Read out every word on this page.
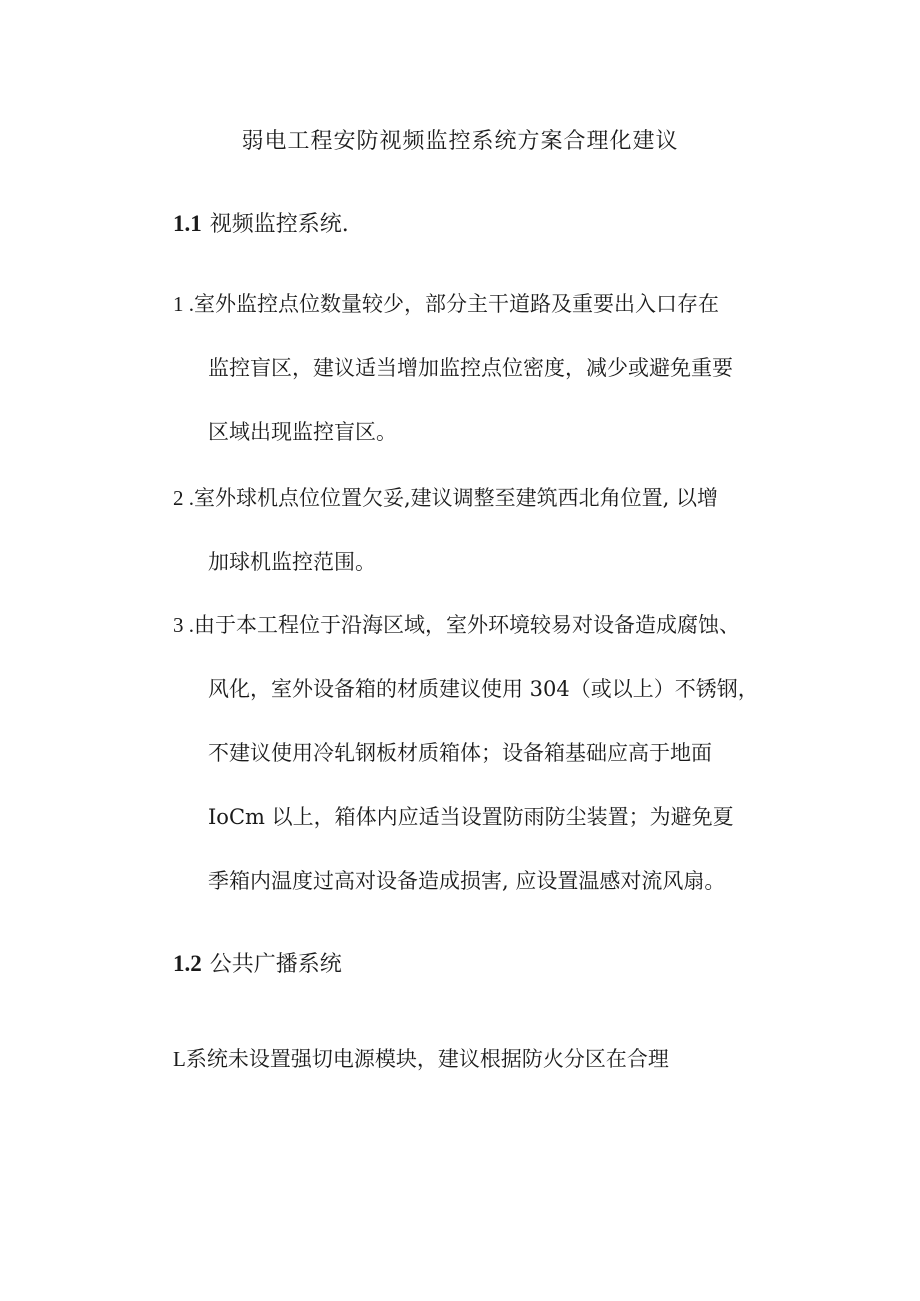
弱电工程安防视频监控系统方案合理化建议
1.1 视频监控系统.
1 .室外监控点位数量较少，部分主干道路及重要出入口存在
监控盲区，建议适当增加监控点位密度，减少或避免重要
区域出现监控盲区。
2 .室外球机点位位置欠妥,建议调整至建筑西北角位置, 以增
加球机监控范围。
3 .由于本工程位于沿海区域，室外环境较易对设备造成腐蚀、
风化，室外设备箱的材质建议使用 304（或以上）不锈钢，
不建议使用冷轧钢板材质箱体；设备箱基础应高于地面
IoCm 以上，箱体内应适当设置防雨防尘装置；为避免夏
季箱内温度过高对设备造成损害, 应设置温感对流风扇。
1.2 公共广播系统
L系统未设置强切电源模块，建议根据防火分区在合理
